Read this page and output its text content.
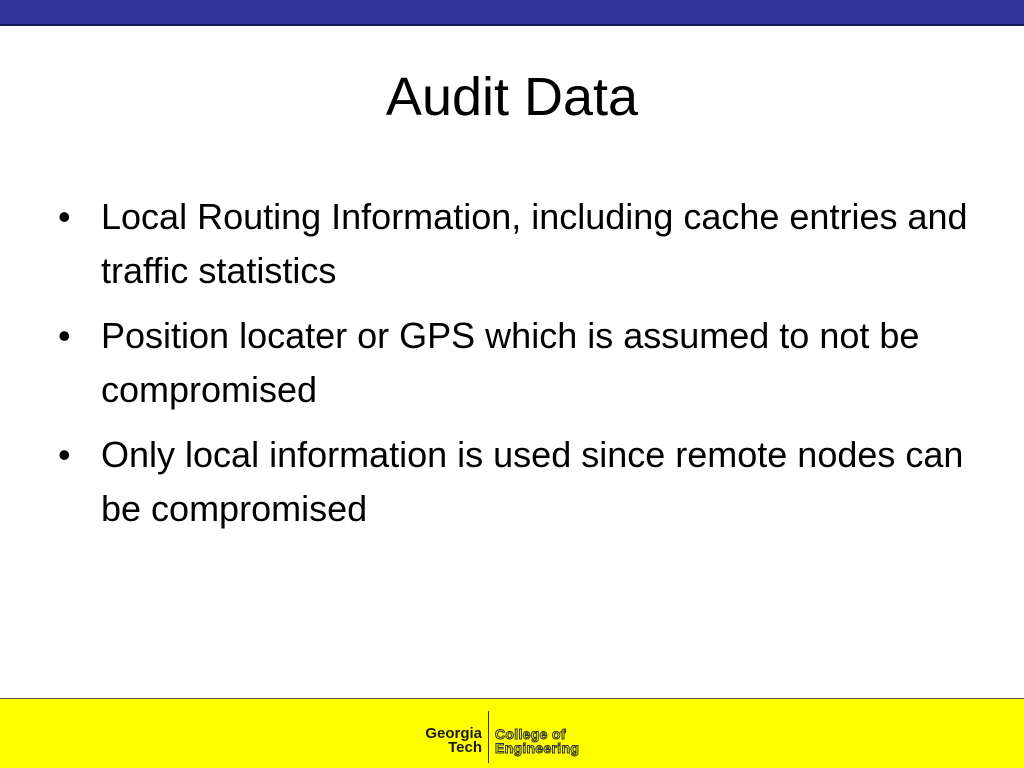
Audit Data
• Local Routing Information, including cache entries and traffic statistics
• Position locater or GPS which is assumed to not be compromised
• Only local information is used since remote nodes can be compromised
Georgia
Tech
College of
Engineering
